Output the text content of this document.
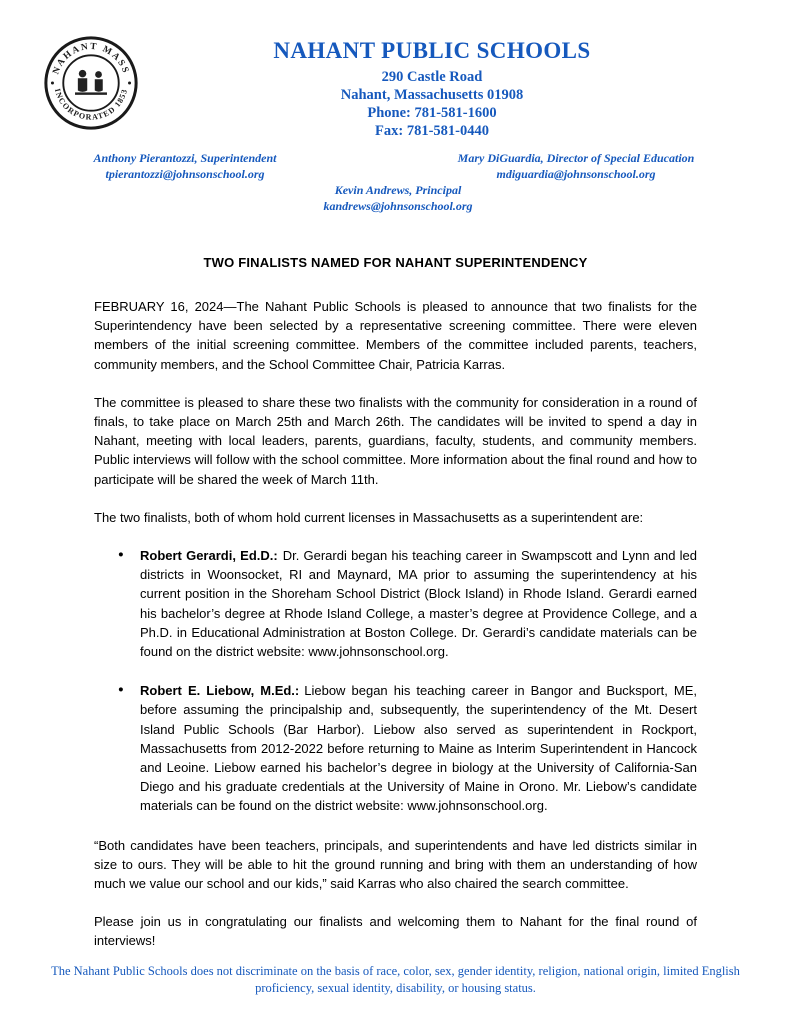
NAHANT MASS
INCORPORATED 1853
NAHANT PUBLIC SCHOOLS
290 Castle Road
Nahant, Massachusetts 01908
Phone: 781-581-1600
Fax: 781-581-0440
Anthony Pierantozzi, Superintendent
tpierantozzi@johnsonschool.org
Mary DiGuardia, Director of Special Education
mdiguardia@johnsonschool.org
Kevin Andrews, Principal
kandrews@johnsonschool.org
TWO FINALISTS NAMED FOR NAHANT SUPERINTENDENCY

FEBRUARY 16, 2024—The Nahant Public Schools is pleased to announce that two finalists for the Superintendency have been selected by a representative screening committee. There were eleven members of the initial screening committee. Members of the committee included parents, teachers, community members, and the School Committee Chair, Patricia Karras.

The committee is pleased to share these two finalists with the community for consideration in a round of finals, to take place on March 25th and March 26th. The candidates will be invited to spend a day in Nahant, meeting with local leaders, parents, guardians, faculty, students, and community members. Public interviews will follow with the school committee. More information about the final round and how to participate will be shared the week of March 11th.

The two finalists, both of whom hold current licenses in Massachusetts as a superintendent are:

● Robert Gerardi, Ed.D.: Dr. Gerardi began his teaching career in Swampscott and Lynn and led districts in Woonsocket, RI and Maynard, MA prior to assuming the superintendency at his current position in the Shoreham School District (Block Island) in Rhode Island. Gerardi earned his bachelor’s degree at Rhode Island College, a master’s degree at Providence College, and a Ph.D. in Educational Administration at Boston College. Dr. Gerardi’s candidate materials can be found on the district website: www.johnsonschool.org.
● Robert E. Liebow, M.Ed.: Liebow began his teaching career in Bangor and Bucksport, ME, before assuming the principalship and, subsequently, the superintendency of the Mt. Desert Island Public Schools (Bar Harbor). Liebow also served as superintendent in Rockport, Massachusetts from 2012-2022 before returning to Maine as Interim Superintendent in Hancock and Leoine. Liebow earned his bachelor’s degree in biology at the University of California-San Diego and his graduate credentials at the University of Maine in Orono. Mr. Liebow’s candidate materials can be found on the district website: www.johnsonschool.org.

“Both candidates have been teachers, principals, and superintendents and have led districts similar in size to ours. They will be able to hit the ground running and bring with them an understanding of how much we value our school and our kids,” said Karras who also chaired the search committee.

Please join us in congratulating our finalists and welcoming them to Nahant for the final round of interviews!

The Nahant Public Schools does not discriminate on the basis of race, color, sex, gender identity, religion, national origin, limited English proficiency, sexual identity, disability, or housing status.
